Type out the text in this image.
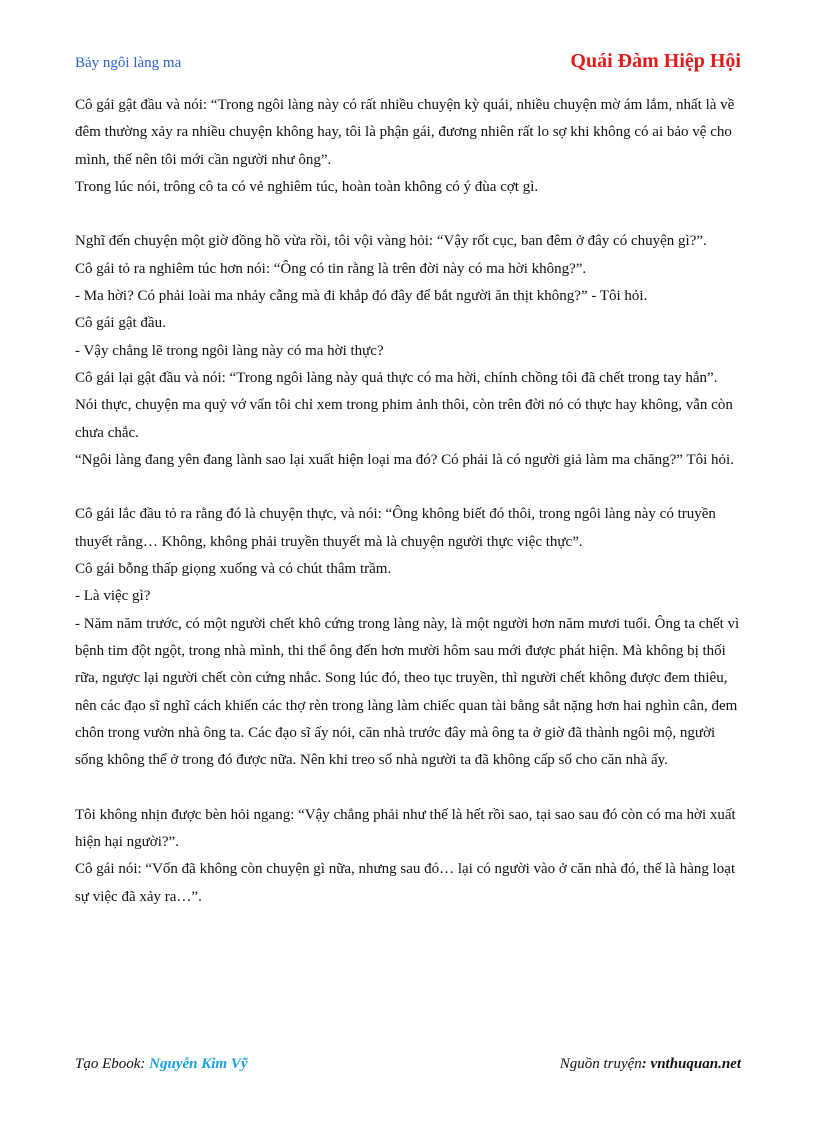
Bảy ngôi làng ma	Quái Đàm Hiệp Hội

Cô gái gật đầu và nói: “Trong ngôi làng này có rất nhiều chuyện kỳ quái, nhiều chuyện mờ ám lắm, nhất là về đêm thường xảy ra nhiều chuyện không hay, tôi là phận gái, đương nhiên rất lo sợ khi không có ai bảo vệ cho mình, thế nên tôi mới cần người như ông”.

Trong lúc nói, trông cô ta có vẻ nghiêm túc, hoàn toàn không có ý đùa cợt gì.

Nghĩ đến chuyện một giờ đồng hồ vừa rồi, tôi vội vàng hỏi: “Vậy rốt cục, ban đêm ở đây có chuyện gì?”.

Cô gái tỏ ra nghiêm túc hơn nói: “Ông có tin rằng là trên đời này có ma hời không?”.

- Ma hời? Có phải loài ma nhảy cẫng mà đi khắp đó đây để bắt người ăn thịt không?” - Tôi hỏi.

Cô gái gật đầu.

- Vậy chẳng lẽ trong ngôi làng này có ma hời thực?

Cô gái lại gật đầu và nói: “Trong ngôi làng này quả thực có ma hời, chính chồng tôi đã chết trong tay hắn”.

Nói thực, chuyện ma quỷ vớ vẩn tôi chỉ xem trong phim ảnh thôi, còn trên đời nó có thực hay không, vẫn còn chưa chắc.

“Ngôi làng đang yên đang lành sao lại xuất hiện loại ma đó? Có phải là có người giả làm ma chăng?” Tôi hỏi.

Cô gái lắc đầu tỏ ra rằng đó là chuyện thực, và nói: “Ông không biết đó thôi, trong ngôi làng này có truyền thuyết rằng… Không, không phải truyền thuyết mà là chuyện người thực việc thực”.

Cô gái bỗng thấp giọng xuống và có chút thâm trầm.

- Là việc gì?

- Năm năm trước, có một người chết khô cứng trong làng này, là một người hơn năm mươi tuổi. Ông ta chết vì bệnh tim đột ngột, trong nhà mình, thi thể ông đến hơn mười hôm sau mới được phát hiện. Mà không bị thối rữa, ngược lại người chết còn cứng nhắc. Song lúc đó, theo tục truyền, thì người chết không được đem thiêu, nên các đạo sĩ nghĩ cách khiến các thợ rèn trong làng làm chiếc quan tài bằng sắt nặng hơn hai nghìn cân, đem chôn trong vườn nhà ông ta. Các đạo sĩ ấy nói, căn nhà trước đây mà ông ta ở giờ đã thành ngôi mộ, người sống không thể ở trong đó được nữa. Nên khi treo số nhà người ta đã không cấp số cho căn nhà ấy.

Tôi không nhịn được bèn hỏi ngang: “Vậy chẳng phải như thế là hết rồi sao, tại sao sau đó còn có ma hời xuất hiện hại người?”.

Cô gái nói: “Vốn đã không còn chuyện gì nữa, nhưng sau đó… lại có người vào ở căn nhà đó, thế là hàng loạt sự việc đã xảy ra…”.

Tạo Ebook: Nguyễn Kim Vỹ	Nguồn truyện: vnthuquan.net
